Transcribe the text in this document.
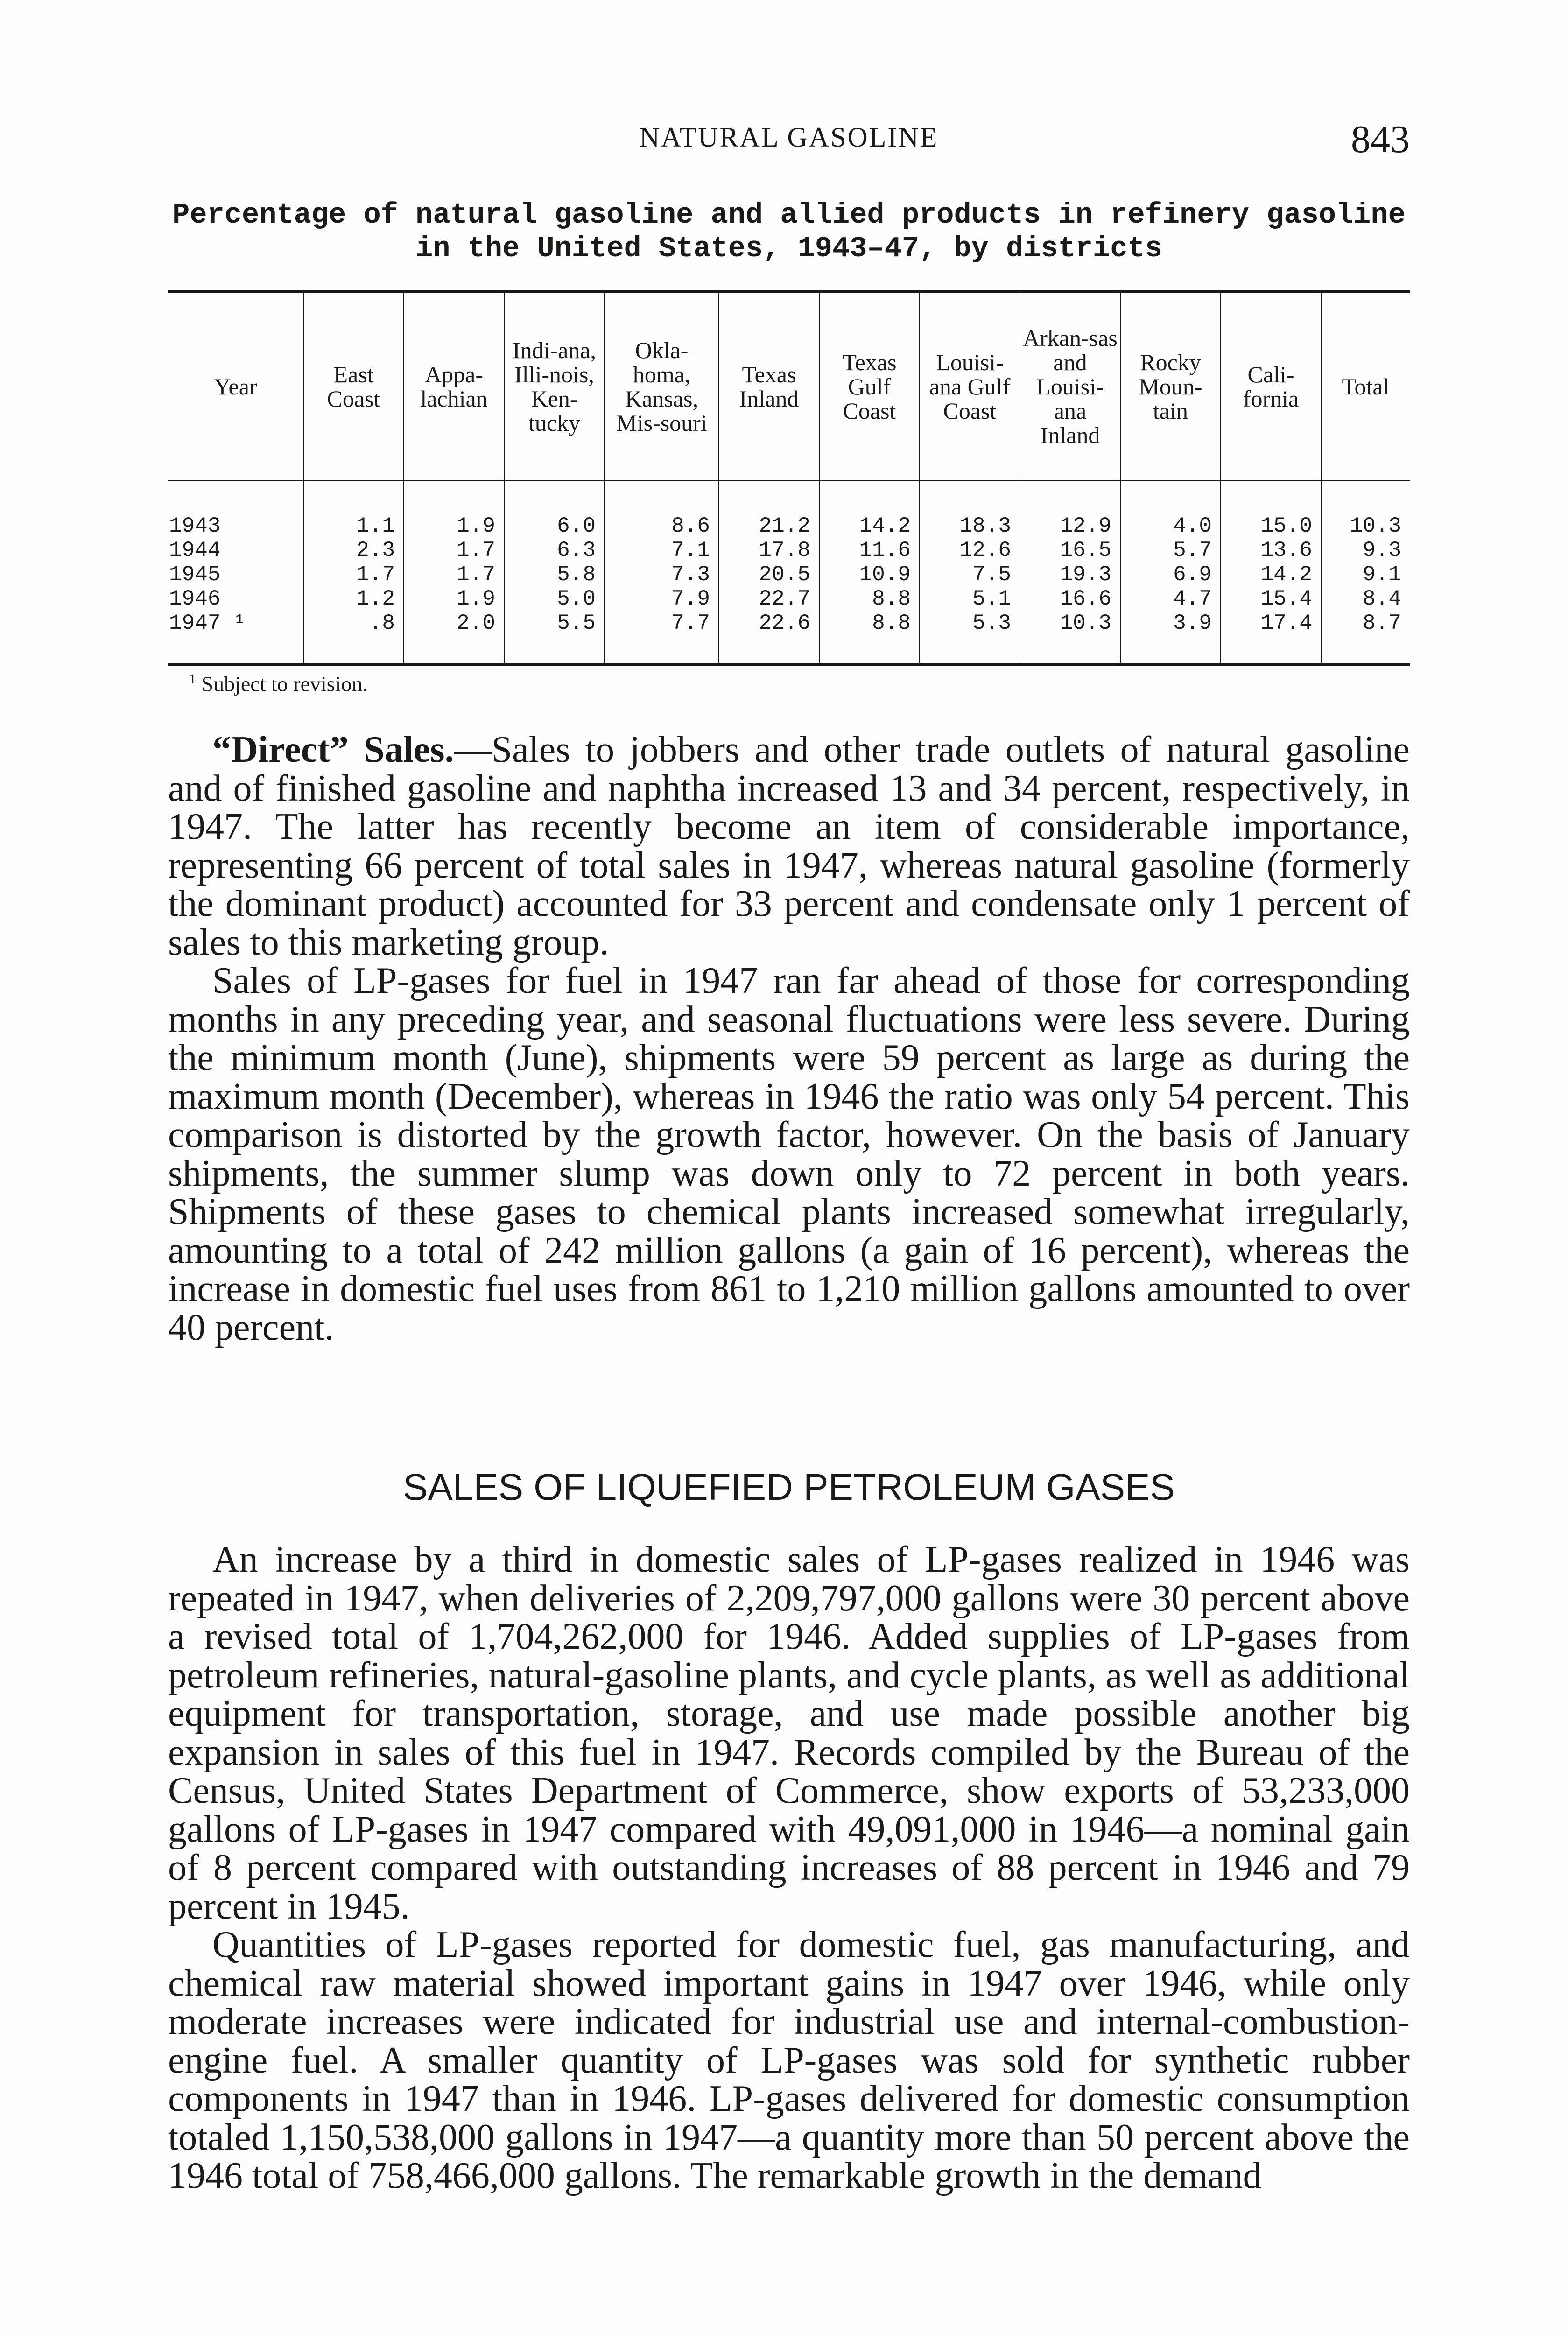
NATURAL GASOLINE	843
Percentage of natural gasoline and allied products in refinery gasoline in the United States, 1943–47, by districts
Year	East Coast	Appa-lachian	Indi-ana, Illi-nois, Ken-tucky	Okla-homa, Kansas, Mis-souri	Texas Inland	Texas Gulf Coast	Louisi-ana Gulf Coast	Arkan-sas and Louisi-ana Inland	Rocky Moun-tain	Cali-fornia	Total

1943	1.1	1.9	6.0	8.6	21.2	14.2	18.3	12.9	4.0	15.0	10.3
1944	2.3	1.7	6.3	7.1	17.8	11.6	12.6	16.5	5.7	13.6	9.3
1945	1.7	1.7	5.8	7.3	20.5	10.9	7.5	19.3	6.9	14.2	9.1
1946	1.2	1.9	5.0	7.9	22.7	8.8	5.1	16.6	4.7	15.4	8.4
1947 ¹	.8	2.0	5.5	7.7	22.6	8.8	5.3	10.3	3.9	17.4	8.7

$^1$ Subject to revision.

“Direct” Sales.—Sales to jobbers and other trade outlets of natural gasoline and of finished gasoline and naphtha increased 13 and 34 percent, respectively, in 1947. The latter has recently become an item of considerable importance, representing 66 percent of total sales in 1947, whereas natural gasoline (formerly the dominant product) accounted for 33 percent and condensate only 1 percent of sales to this marketing group.

Sales of LP-gases for fuel in 1947 ran far ahead of those for corresponding months in any preceding year, and seasonal fluctuations were less severe. During the minimum month (June), shipments were 59 percent as large as during the maximum month (December), whereas in 1946 the ratio was only 54 percent. This comparison is distorted by the growth factor, however. On the basis of January shipments, the summer slump was down only to 72 percent in both years. Shipments of these gases to chemical plants increased somewhat irregularly, amounting to a total of 242 million gallons (a gain of 16 percent), whereas the increase in domestic fuel uses from 861 to 1,210 million gallons amounted to over 40 percent.

SALES OF LIQUEFIED PETROLEUM GASES

An increase by a third in domestic sales of LP-gases realized in 1946 was repeated in 1947, when deliveries of 2,209,797,000 gallons were 30 percent above a revised total of 1,704,262,000 for 1946. Added supplies of LP-gases from petroleum refineries, natural-gasoline plants, and cycle plants, as well as additional equipment for transportation, storage, and use made possible another big expansion in sales of this fuel in 1947. Records compiled by the Bureau of the Census, United States Department of Commerce, show exports of 53,233,000 gallons of LP-gases in 1947 compared with 49,091,000 in 1946—a nominal gain of 8 percent compared with outstanding increases of 88 percent in 1946 and 79 percent in 1945.

Quantities of LP-gases reported for domestic fuel, gas manufacturing, and chemical raw material showed important gains in 1947 over 1946, while only moderate increases were indicated for industrial use and internal-combustion-engine fuel. A smaller quantity of LP-gases was sold for synthetic rubber components in 1947 than in 1946. LP-gases delivered for domestic consumption totaled 1,150,538,000 gallons in 1947—a quantity more than 50 percent above the 1946 total of 758,466,000 gallons. The remarkable growth in the demand
